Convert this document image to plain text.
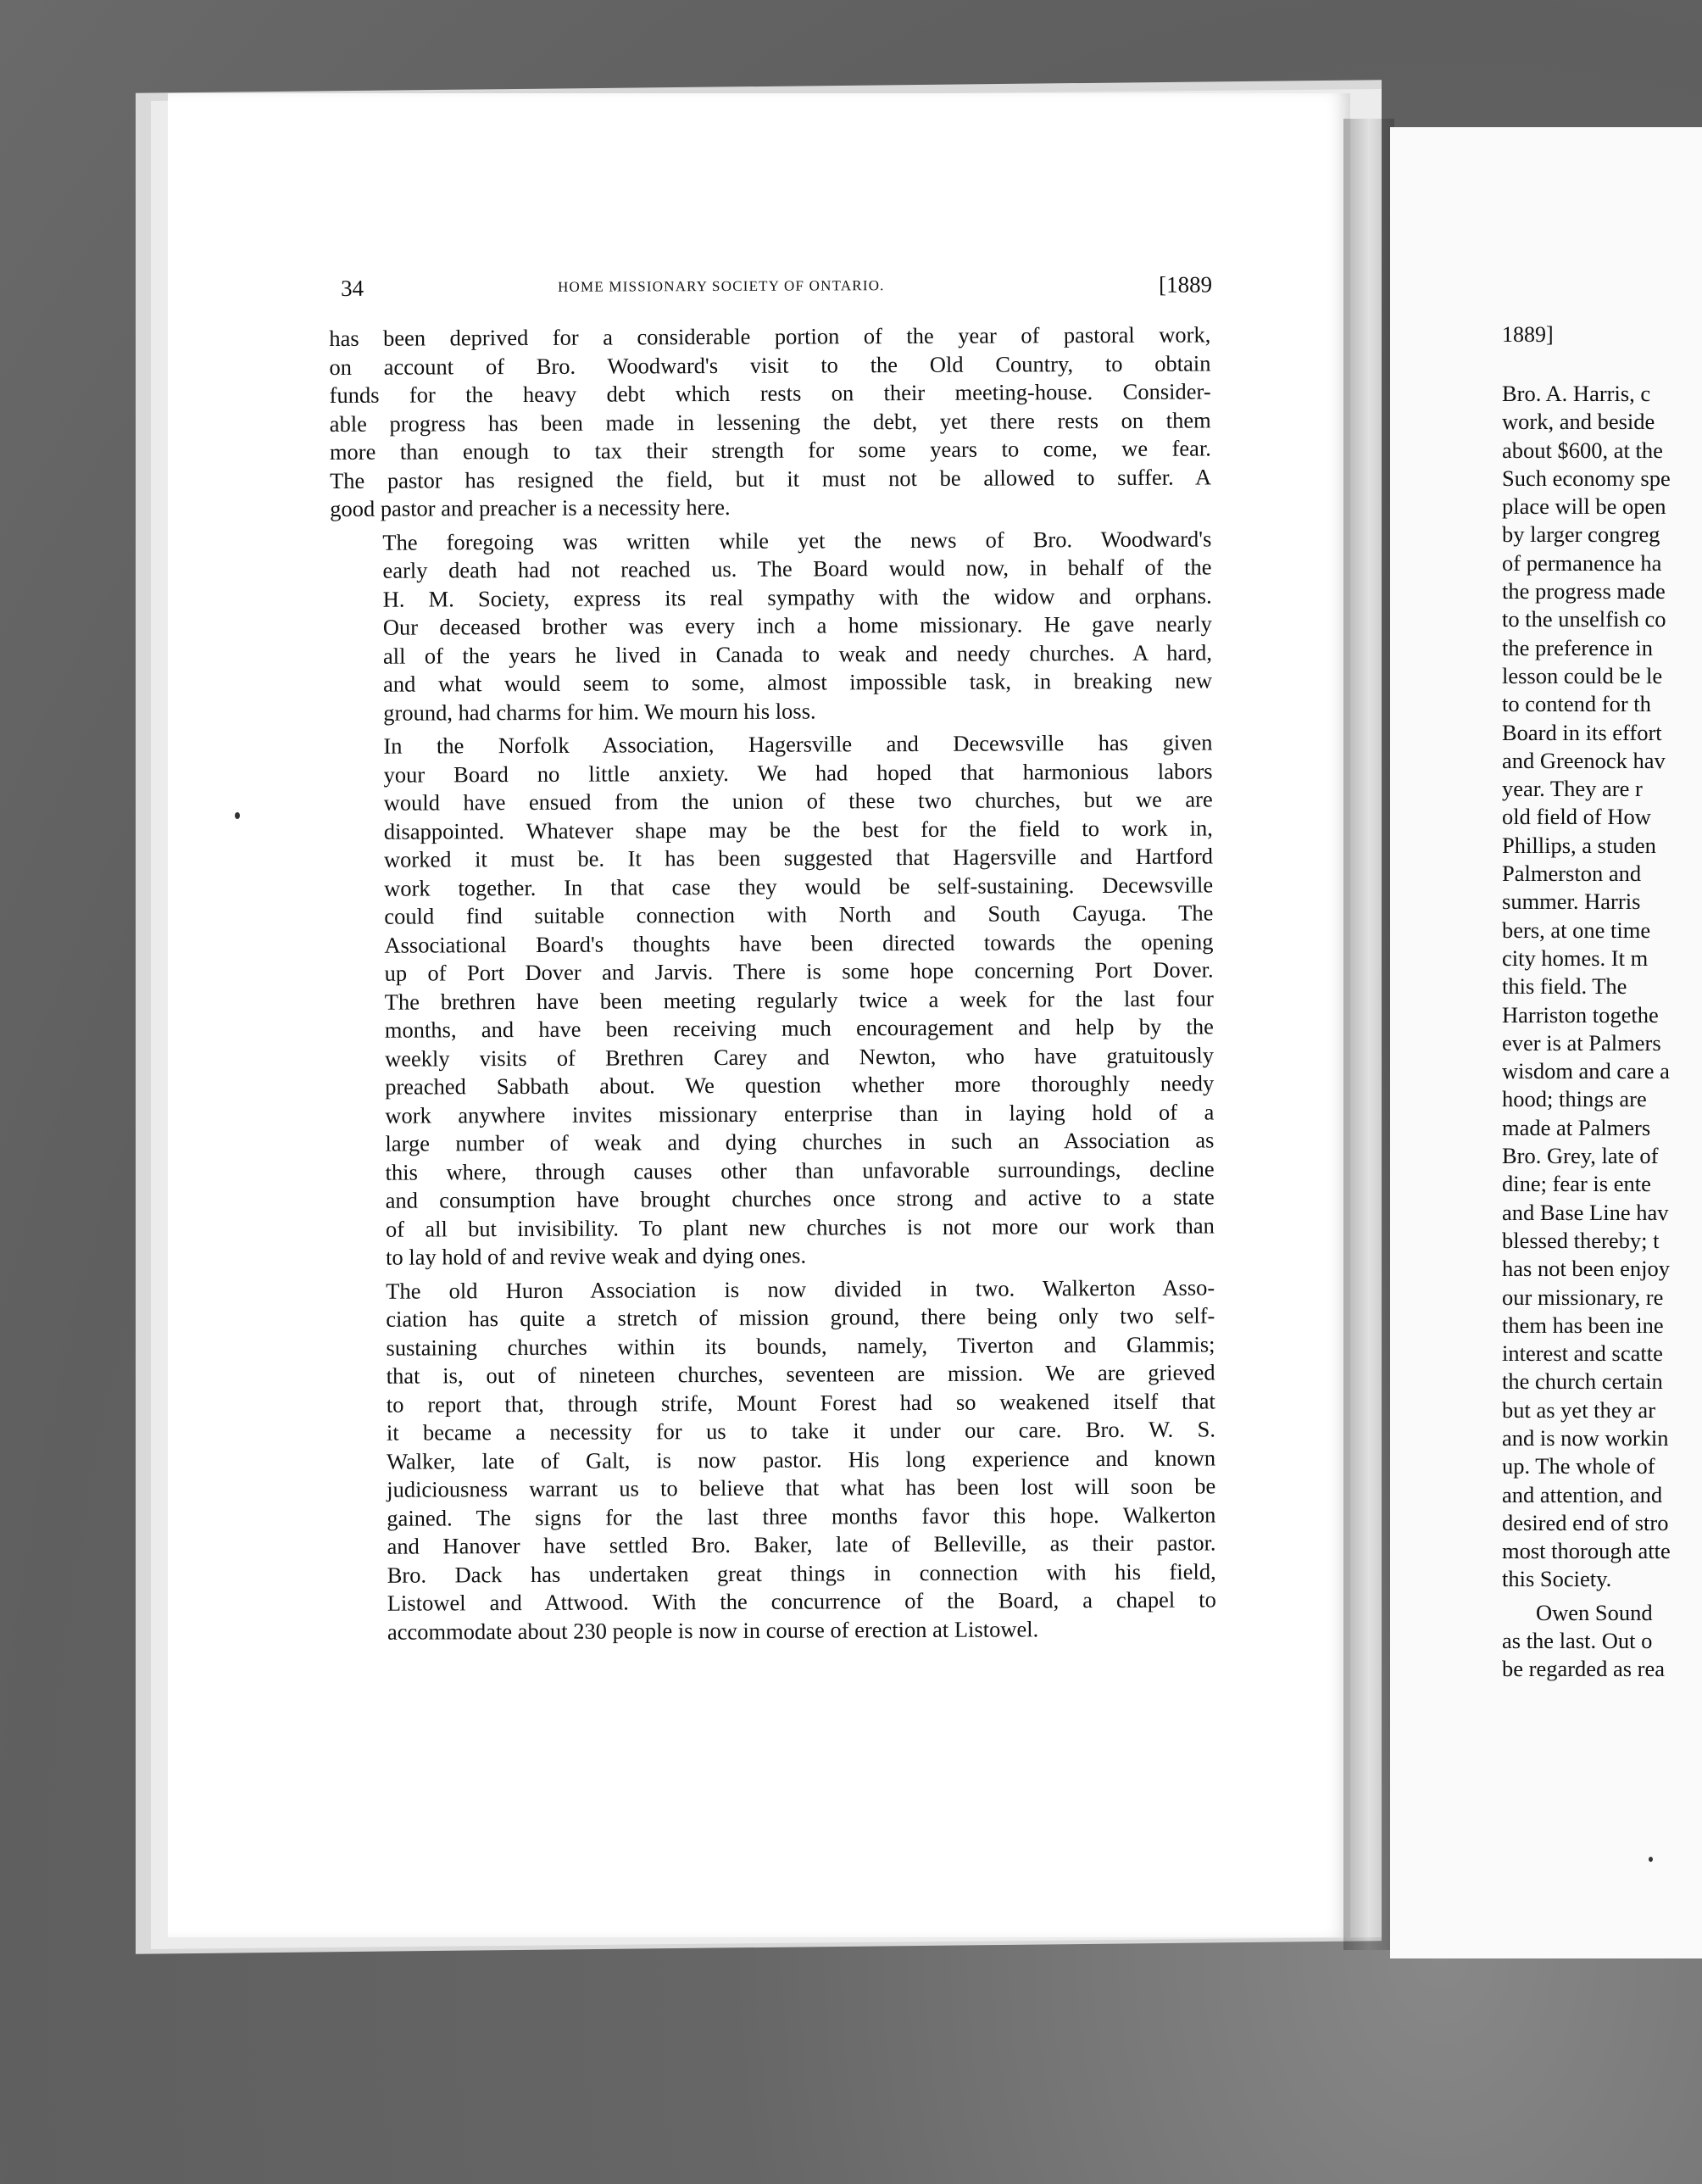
34	HOME MISSIONARY SOCIETY OF ONTARIO.	[1889

has been deprived for a considerable portion of the year of pastoral work,
on account of Bro. Woodward's visit to the Old Country, to obtain
funds for the heavy debt which rests on their meeting-house. Consider-
able progress has been made in lessening the debt, yet there rests on them
more than enough to tax their strength for some years to come, we fear.
The pastor has resigned the field, but it must not be allowed to suffer. A
good pastor and preacher is a necessity here.

The foregoing was written while yet the news of Bro. Woodward's
early death had not reached us. The Board would now, in behalf of the
H. M. Society, express its real sympathy with the widow and orphans.
Our deceased brother was every inch a home missionary. He gave nearly
all of the years he lived in Canada to weak and needy churches. A hard,
and what would seem to some, almost impossible task, in breaking new
ground, had charms for him. We mourn his loss.

In the Norfolk Association, Hagersville and Decewsville has given
your Board no little anxiety. We had hoped that harmonious labors
would have ensued from the union of these two churches, but we are
disappointed. Whatever shape may be the best for the field to work in,
worked it must be. It has been suggested that Hagersville and Hartford
work together. In that case they would be self-sustaining. Decewsville
could find suitable connection with North and South Cayuga. The
Associational Board's thoughts have been directed towards the opening
up of Port Dover and Jarvis. There is some hope concerning Port Dover.
The brethren have been meeting regularly twice a week for the last four
months, and have been receiving much encouragement and help by the
weekly visits of Brethren Carey and Newton, who have gratuitously
preached Sabbath about. We question whether more thoroughly needy
work anywhere invites missionary enterprise than in laying hold of a
large number of weak and dying churches in such an Association as
this where, through causes other than unfavorable surroundings, decline
and consumption have brought churches once strong and active to a state
of all but invisibility. To plant new churches is not more our work than
to lay hold of and revive weak and dying ones.

The old Huron Association is now divided in two. Walkerton Asso-
ciation has quite a stretch of mission ground, there being only two self-
sustaining churches within its bounds, namely, Tiverton and Glammis;
that is, out of nineteen churches, seventeen are mission. We are grieved
to report that, through strife, Mount Forest had so weakened itself that
it became a necessity for us to take it under our care. Bro. W. S.
Walker, late of Galt, is now pastor. His long experience and known
judiciousness warrant us to believe that what has been lost will soon be
gained. The signs for the last three months favor this hope. Walkerton
and Hanover have settled Bro. Baker, late of Belleville, as their pastor.
Bro. Dack has undertaken great things in connection with his field,
Listowel and Attwood. With the concurrence of the Board, a chapel to
accommodate about 230 people is now in course of erection at Listowel.

1889]
Bro. A. Harris, c
work, and beside
about $600, at the
Such economy spe
place will be open
by larger congreg
of permanence ha
the progress made
to the unselfish co
the preference in
lesson could be le
to contend for th
Board in its effort
and Greenock hav
year. They are r
old field of How
Phillips, a studen
Palmerston and
summer. Harris
bers, at one time
city homes. It m
this field. The
Harriston togethe
ever is at Palmers
wisdom and care a
hood; things are
made at Palmers
Bro. Grey, late of
dine; fear is ente
and Base Line hav
blessed thereby; t
has not been enjoy
our missionary, re
them has been ine
interest and scatte
the church certain
but as yet they ar
and is now workin
up. The whole of
and attention, and
desired end of stro
most thorough atte
this Society.
Owen Sound
as the last. Out o
be regarded as rea
